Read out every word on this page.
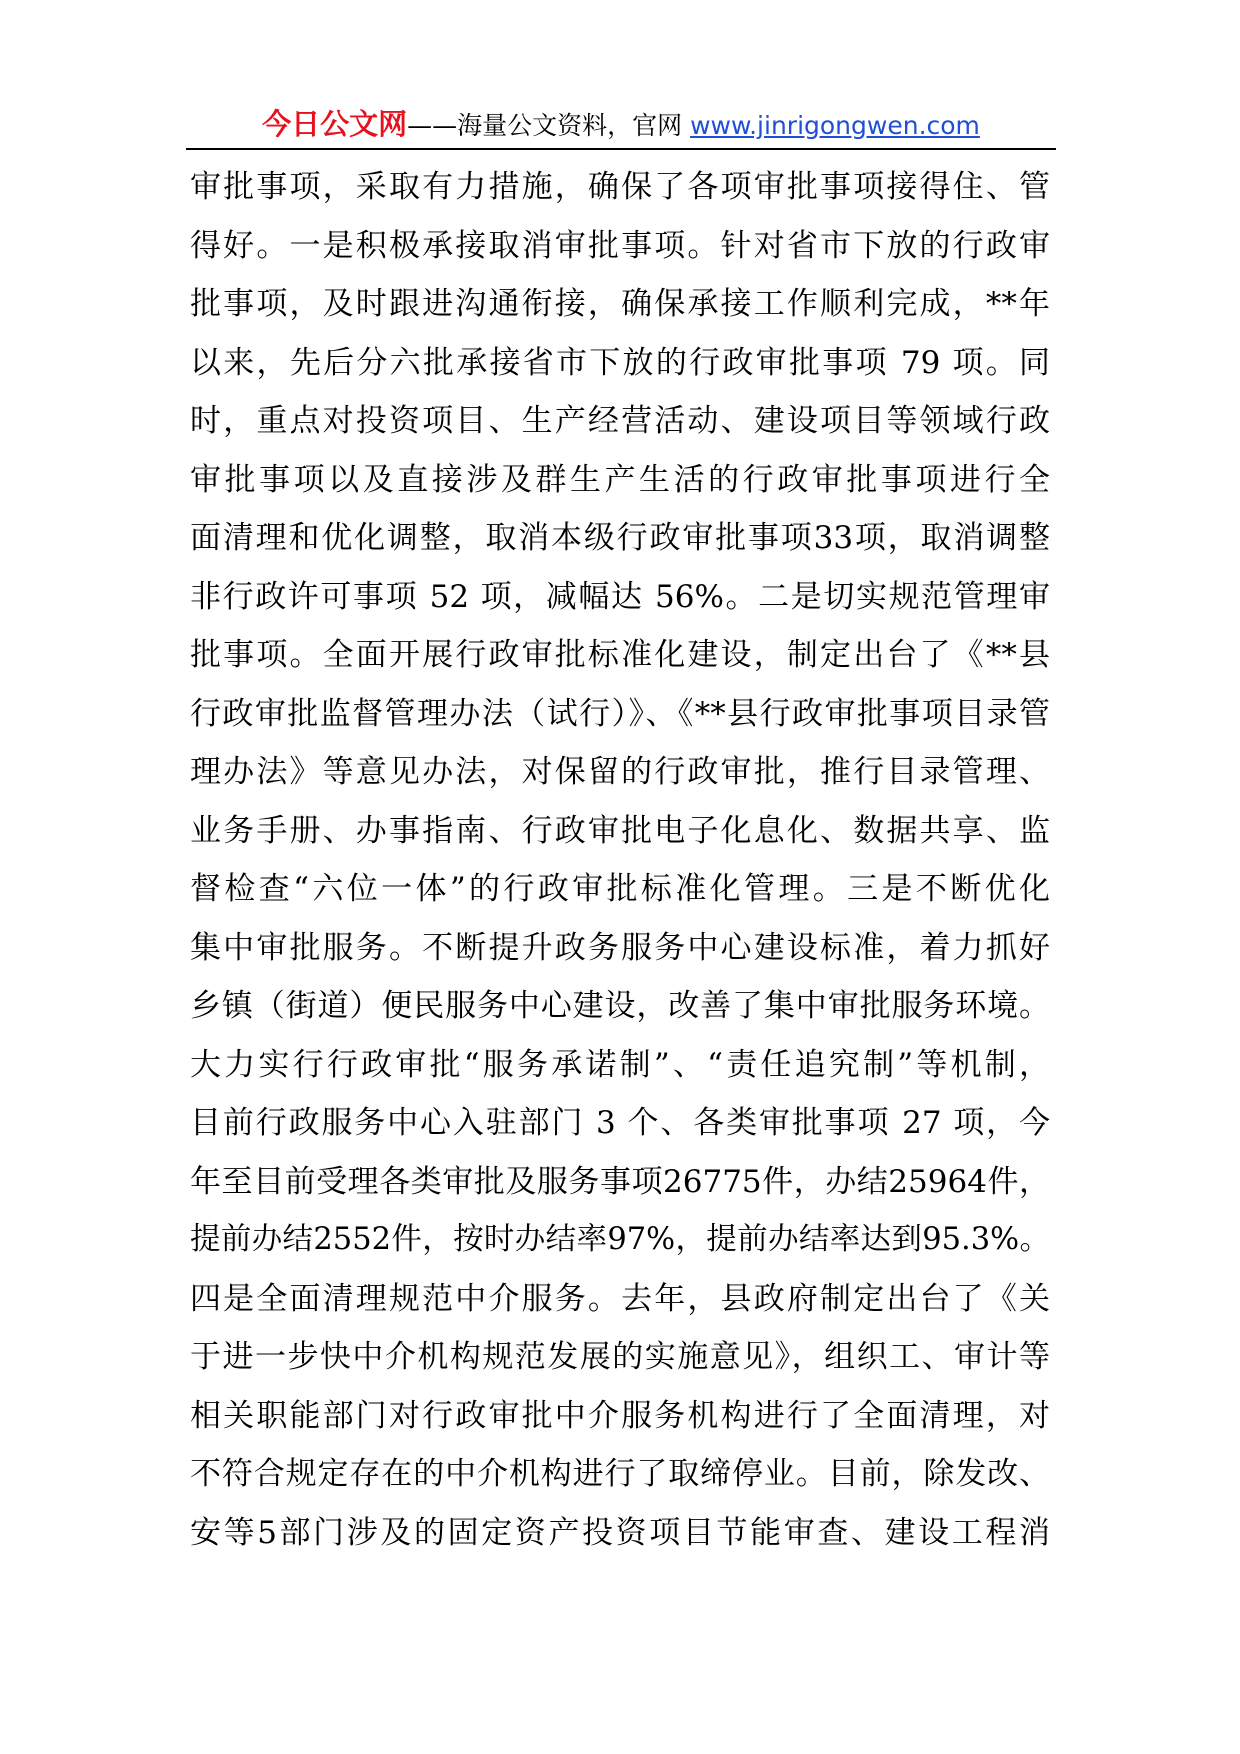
今日公文网——海量公文资料，官网 www.jinrigongwen.com
审批事项，采取有力措施，确保了各项审批事项接得住、管
得好。一是积极承接取消审批事项。针对省市下放的行政审
批事项，及时跟进沟通衔接，确保承接工作顺利完成，**年
以来，先后分六批承接省市下放的行政审批事项 79 项。同
时，重点对投资项目、生产经营活动、建设项目等领域行政
审批事项以及直接涉及群生产生活的行政审批事项进行全
面清理和优化调整，取消本级行政审批事项33项，取消调整
非行政许可事项 52 项，减幅达 56%。二是切实规范管理审
批事项。全面开展行政审批标准化建设，制定出台了《**县
行政审批监督管理办法（试行）》、《**县行政审批事项目录管
理办法》等意见办法，对保留的行政审批，推行目录管理、
业务手册、办事指南、行政审批电子化息化、数据共享、监
督检查“六位一体”的行政审批标准化管理。三是不断优化
集中审批服务。不断提升政务服务中心建设标准，着力抓好
乡镇（街道）便民服务中心建设，改善了集中审批服务环境。
大力实行行政审批“服务承诺制”、“责任追究制”等机制，
目前行政服务中心入驻部门 3 个、各类审批事项 27 项，今
年至目前受理各类审批及服务事项26775件，办结25964件，
提前办结2552件，按时办结率97%，提前办结率达到95.3%。
四是全面清理规范中介服务。去年，县政府制定出台了《关
于进一步快中介机构规范发展的实施意见》，组织工、审计等
相关职能部门对行政审批中介服务机构进行了全面清理，对
不符合规定存在的中介机构进行了取缔停业。目前，除发改、
安等5部门涉及的固定资产投资项目节能审查、建设工程消
